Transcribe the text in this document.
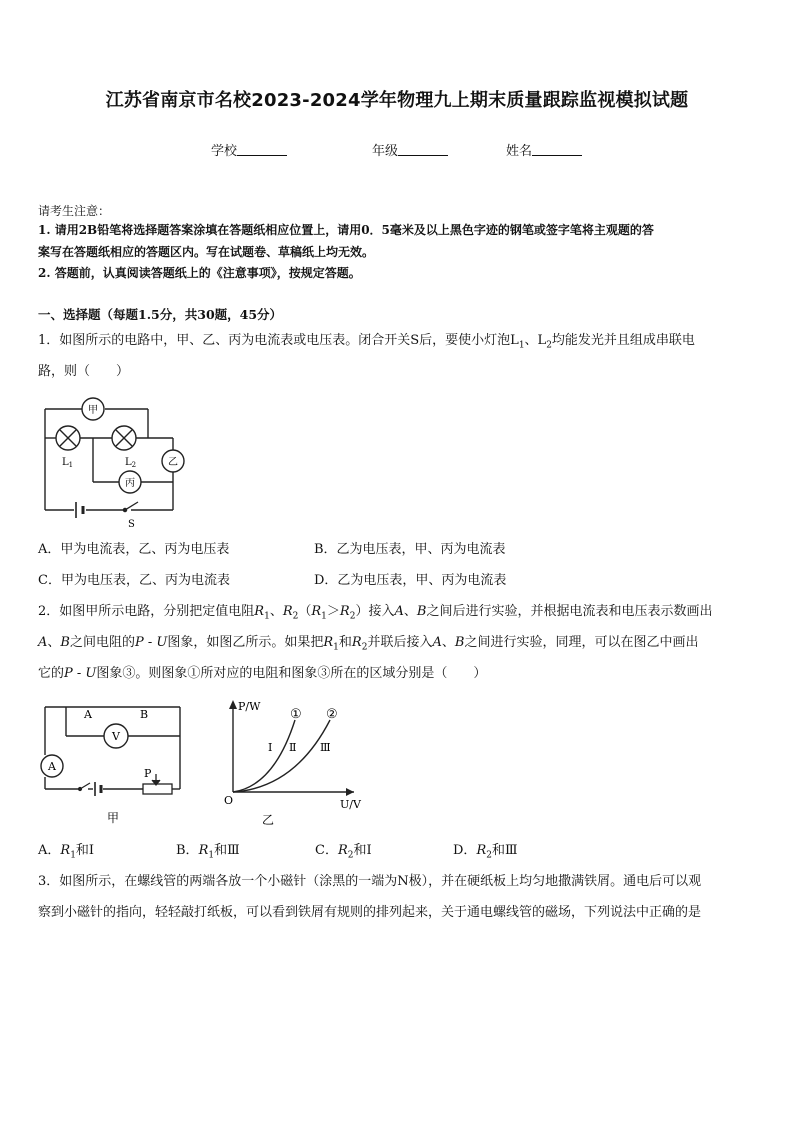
江苏省南京市名校2023-2024学年物理九上期末质量跟踪监视模拟试题
学校	年级	姓名
请考生注意：
1. 请用2B铅笔将选择题答案涂填在答题纸相应位置上，请用0．5毫米及以上黑色字迹的钢笔或签字笔将主观题的答
案写在答题纸相应的答题区内。写在试题卷、草稿纸上均无效。
2. 答题前，认真阅读答题纸上的《注意事项》，按规定答题。
一、选择题（每题1.5分，共30题，45分）
1．如图所示的电路中，甲、乙、丙为电流表或电压表。闭合开关S后，要使小灯泡$L_1$、$L_2$均能发光并且组成串联电
路，则（　　）
甲
乙
丙
$L_1$	$L_2$
S
A．甲为电流表，乙、丙为电压表	B．乙为电压表，甲、丙为电流表
C．甲为电压表，乙、丙为电流表	D．乙为电压表，甲、丙为电流表
2．如图甲所示电路，分别把定值电阻$R_1$、$R_2(R_1>R_2)$接入A、B之间后进行实验，并根据电流表和电压表示数画出
A、B之间电阻的P - U图象，如图乙所示。如果把$R_1$和$R_2$并联后接入A、B之间进行实验，同理，可以在图乙中画出
它的P - U图象③。则图象①所对应的电阻和图象③所在的区域分别是（　　）
A	B
V
A
P
甲
P/W
U/V
O
① ②
Ⅰ Ⅱ Ⅲ
乙
A．$R_1$和Ⅰ	B．$R_1$和Ⅲ	C．$R_2$和Ⅰ	D．$R_2$和Ⅲ
3．如图所示，在螺线管的两端各放一个小磁针（涂黑的一端为N极），并在硬纸板上均匀地撒满铁屑。通电后可以观
察到小磁针的指向，轻轻敲打纸板，可以看到铁屑有规则的排列起来，关于通电螺线管的磁场，下列说法中正确的是
